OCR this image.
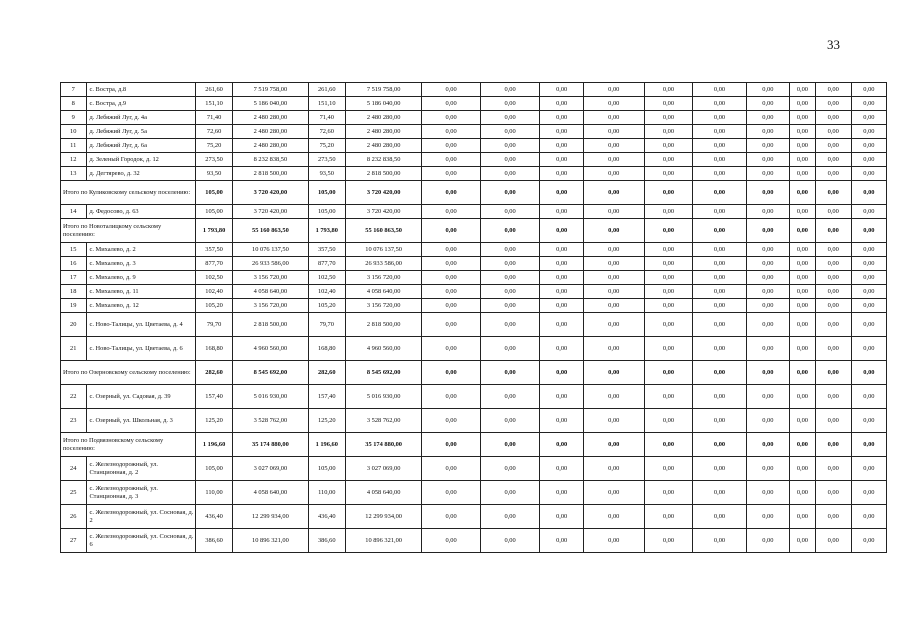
33
7	с. Востра, д.8	261,60	7 519 758,00	261,60	7 519 758,00	0,00	0,00	0,00	0,00	0,00	0,00	0,00	0,00	0,00	0,00
8	с. Востра, д.9	151,10	5 186 040,00	151,10	5 186 040,00	0,00	0,00	0,00	0,00	0,00	0,00	0,00	0,00	0,00	0,00
9	д. Лебяжий Луг, д. 4а	71,40	2 480 280,00	71,40	2 480 280,00	0,00	0,00	0,00	0,00	0,00	0,00	0,00	0,00	0,00	0,00
10	д. Лебяжий Луг, д. 5а	72,60	2 480 280,00	72,60	2 480 280,00	0,00	0,00	0,00	0,00	0,00	0,00	0,00	0,00	0,00	0,00
11	д. Лебяжий Луг, д. 6а	75,20	2 480 280,00	75,20	2 480 280,00	0,00	0,00	0,00	0,00	0,00	0,00	0,00	0,00	0,00	0,00
12	д. Зеленый Городок, д. 12	273,50	8 232 838,50	273,50	8 232 838,50	0,00	0,00	0,00	0,00	0,00	0,00	0,00	0,00	0,00	0,00
13	д. Дегтярево, д. 32	93,50	2 818 500,00	93,50	2 818 500,00	0,00	0,00	0,00	0,00	0,00	0,00	0,00	0,00	0,00	0,00
Итого по Куликовскому сельскому поселению:		105,00	3 720 420,00	105,00	3 720 420,00	0,00	0,00	0,00	0,00	0,00	0,00	0,00	0,00	0,00	0,00
14	д. Федосово, д. 63	105,00	3 720 420,00	105,00	3 720 420,00	0,00	0,00	0,00	0,00	0,00	0,00	0,00	0,00	0,00	0,00
Итого по Новоталицкому сельскому поселению:		1 793,80	55 160 863,50	1 793,80	55 160 863,50	0,00	0,00	0,00	0,00	0,00	0,00	0,00	0,00	0,00	0,00
15	с. Михалево, д. 2	357,50	10 076 137,50	357,50	10 076 137,50	0,00	0,00	0,00	0,00	0,00	0,00	0,00	0,00	0,00	0,00
16	с. Михалево, д. 3	877,70	26 933 586,00	877,70	26 933 586,00	0,00	0,00	0,00	0,00	0,00	0,00	0,00	0,00	0,00	0,00
17	с. Михалево, д. 9	102,50	3 156 720,00	102,50	3 156 720,00	0,00	0,00	0,00	0,00	0,00	0,00	0,00	0,00	0,00	0,00
18	с. Михалево, д. 11	102,40	4 058 640,00	102,40	4 058 640,00	0,00	0,00	0,00	0,00	0,00	0,00	0,00	0,00	0,00	0,00
19	с. Михалево, д. 12	105,20	3 156 720,00	105,20	3 156 720,00	0,00	0,00	0,00	0,00	0,00	0,00	0,00	0,00	0,00	0,00
20	с. Ново-Талицы, ул. Цветаева, д. 4	79,70	2 818 500,00	79,70	2 818 500,00	0,00	0,00	0,00	0,00	0,00	0,00	0,00	0,00	0,00	0,00
21	с. Ново-Талицы, ул. Цветаева, д. 6	168,80	4 960 560,00	168,80	4 960 560,00	0,00	0,00	0,00	0,00	0,00	0,00	0,00	0,00	0,00	0,00
Итого по Озерновскому сельскому поселению:		282,60	8 545 692,00	282,60	8 545 692,00	0,00	0,00	0,00	0,00	0,00	0,00	0,00	0,00	0,00	0,00
22	с. Озерный, ул. Садовая, д. 39	157,40	5 016 930,00	157,40	5 016 930,00	0,00	0,00	0,00	0,00	0,00	0,00	0,00	0,00	0,00	0,00
23	с. Озерный, ул. Школьная, д. 3	125,20	3 528 762,00	125,20	3 528 762,00	0,00	0,00	0,00	0,00	0,00	0,00	0,00	0,00	0,00	0,00
Итого по Подвязновскому сельскому поселению:		1 196,60	35 174 880,00	1 196,60	35 174 880,00	0,00	0,00	0,00	0,00	0,00	0,00	0,00	0,00	0,00	0,00
24	с. Железнодорожный, ул. Станционная, д. 2	105,00	3 027 069,00	105,00	3 027 069,00	0,00	0,00	0,00	0,00	0,00	0,00	0,00	0,00	0,00	0,00
25	с. Железнодорожный, ул. Станционная, д. 3	110,00	4 058 640,00	110,00	4 058 640,00	0,00	0,00	0,00	0,00	0,00	0,00	0,00	0,00	0,00	0,00
26	с. Железнодорожный, ул. Сосновая, д. 2	436,40	12 299 934,00	436,40	12 299 934,00	0,00	0,00	0,00	0,00	0,00	0,00	0,00	0,00	0,00	0,00
27	с. Железнодорожный, ул. Сосновая, д. 6	386,60	10 896 321,00	386,60	10 896 321,00	0,00	0,00	0,00	0,00	0,00	0,00	0,00	0,00	0,00	0,00
